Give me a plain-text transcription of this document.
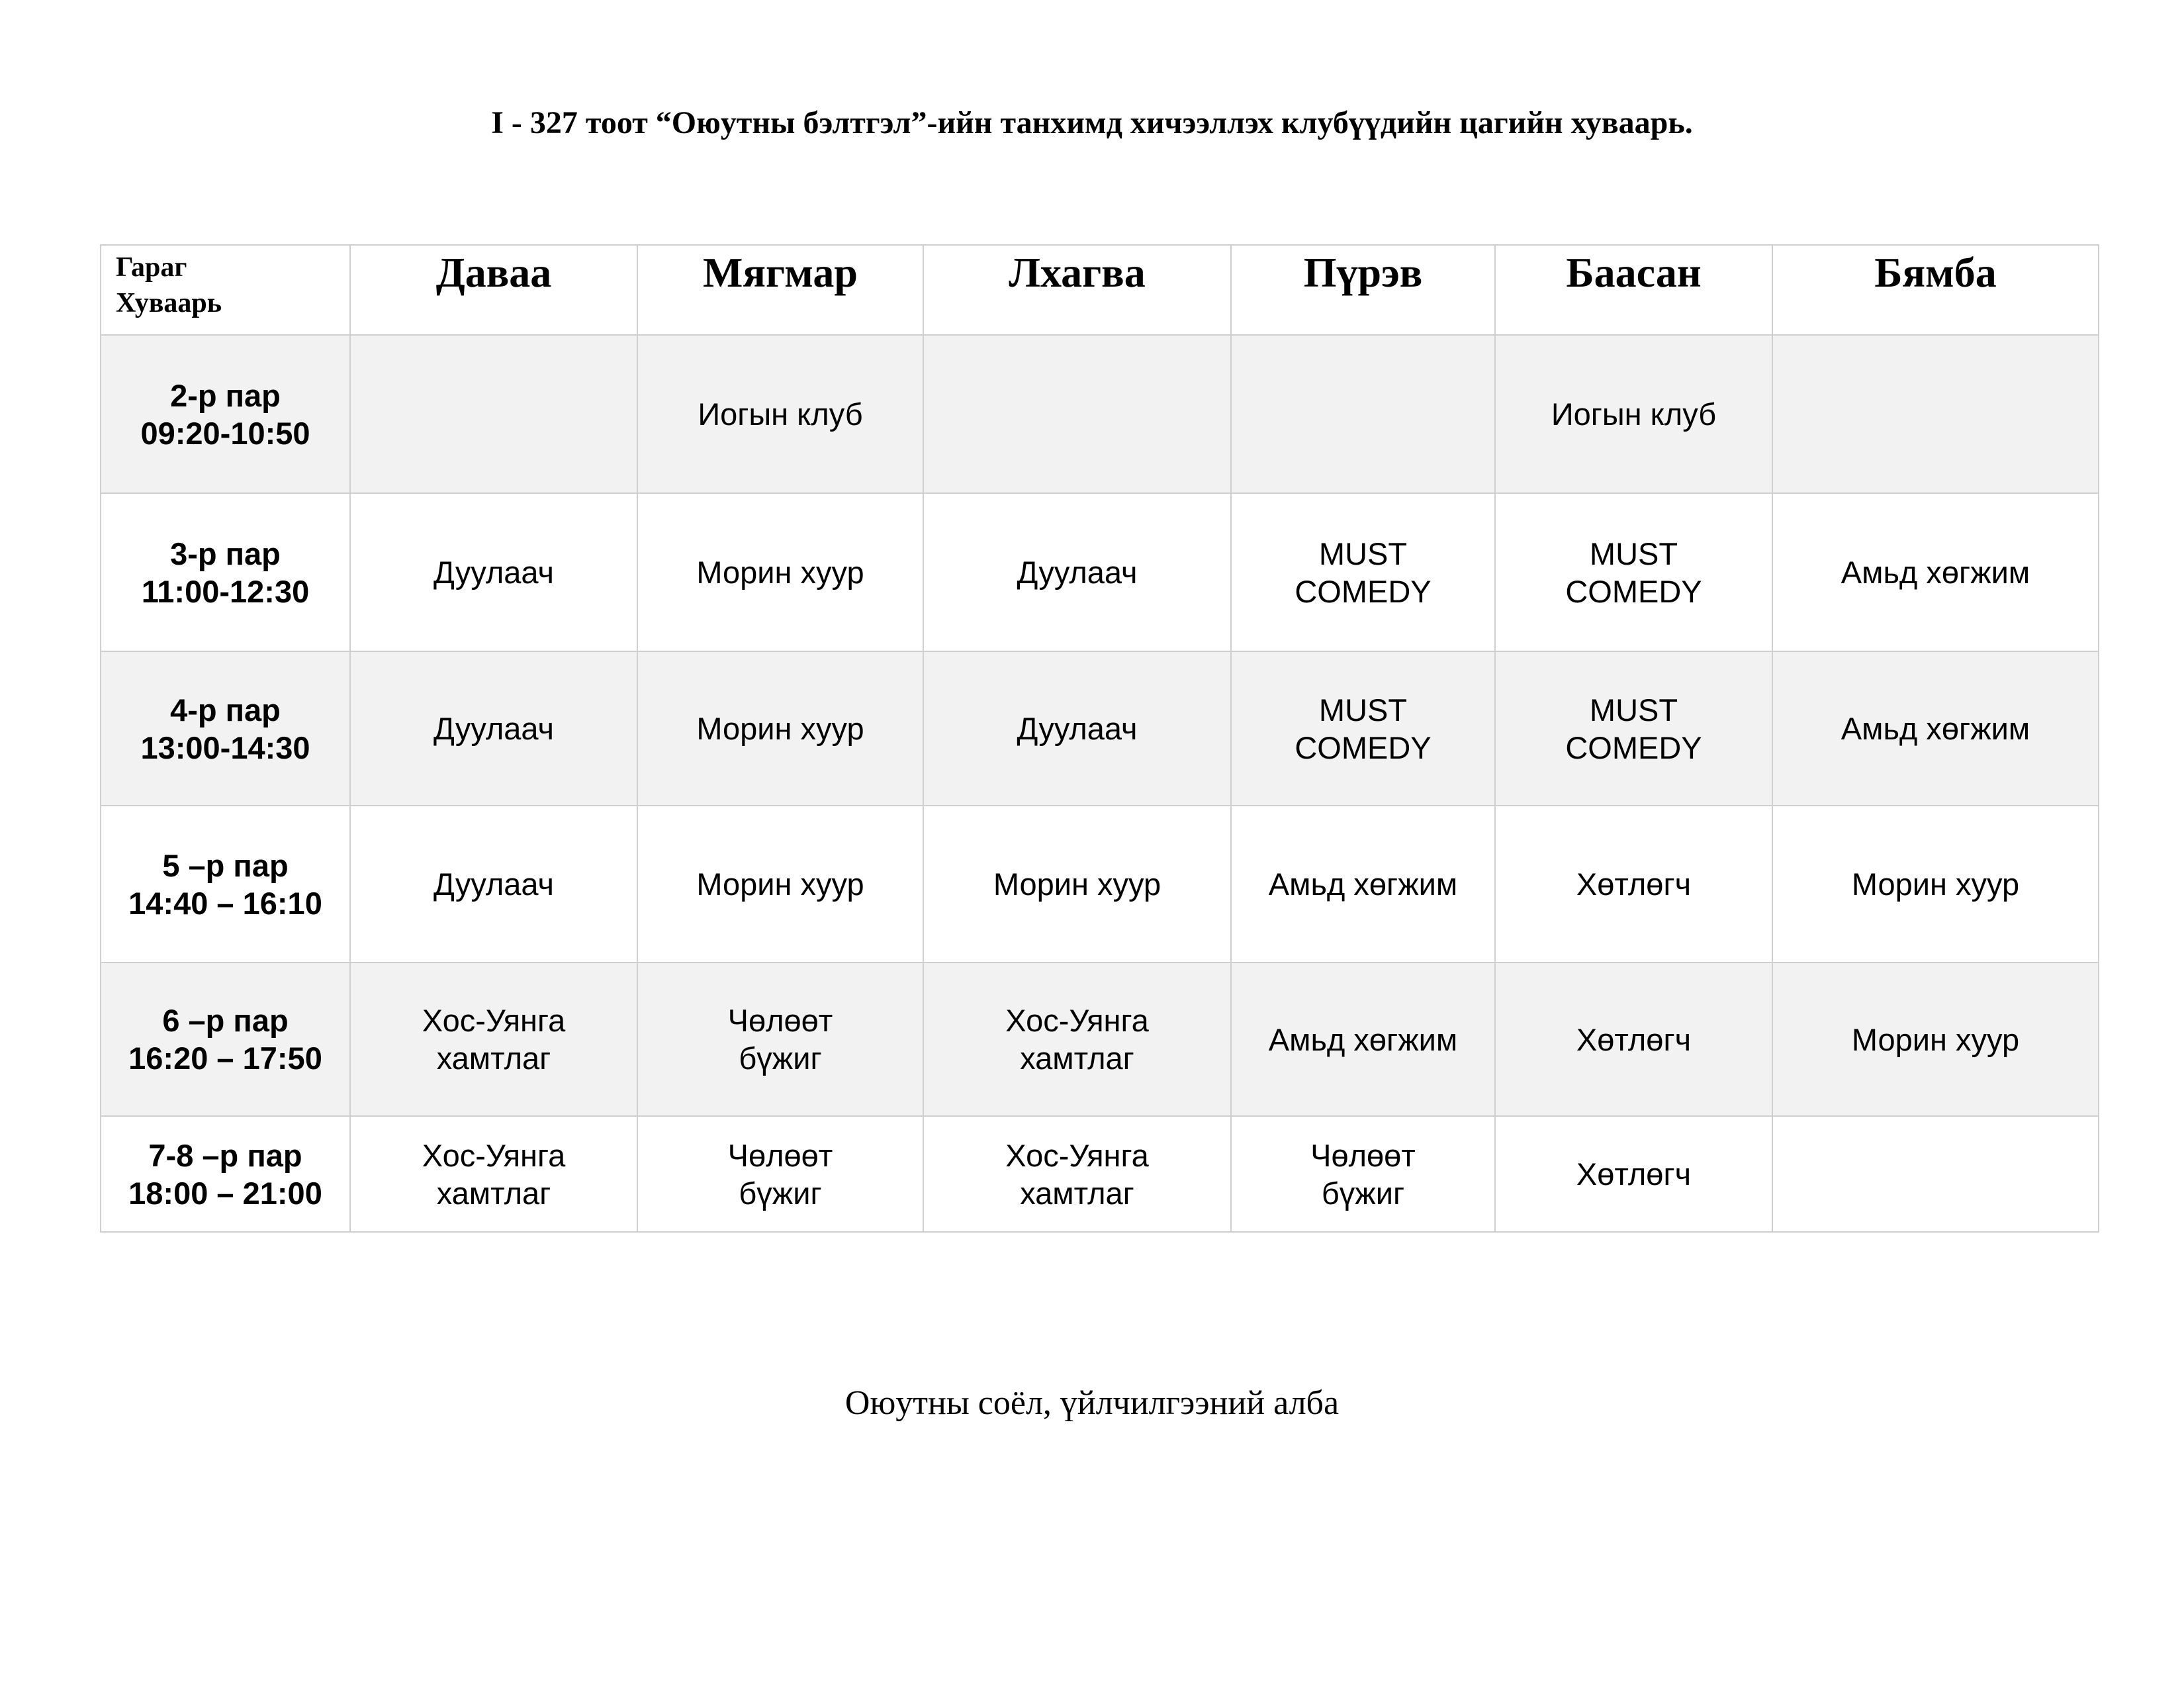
I - 327 тоот “Оюутны бэлтгэл”-ийн танхимд хичээллэх клубүүдийн цагийн хуваарь.
Гараг
Хуваарь	Даваа	Мягмар	Лхагва	Пүрэв	Баасан	Бямба

2-р пар
09:20-10:50		Иогын клуб			Иогын клуб	

3-р пар
11:00-12:30	Дуулаач	Морин хуур	Дуулаач	MUST
COMEDY	MUST
COMEDY	Амьд хөгжим

4-р пар
13:00-14:30	Дуулаач	Морин хуур	Дуулаач	MUST
COMEDY	MUST
COMEDY	Амьд хөгжим

5 –р пар
14:40 – 16:10	Дуулаач	Морин хуур	Морин хуур	Амьд хөгжим	Хөтлөгч	Морин хуур

6 –р пар
16:20 – 17:50	Хос-Уянга
хамтлаг	Чөлөөт
бүжиг	Хос-Уянга
хамтлаг	Амьд хөгжим	Хөтлөгч	Морин хуур

7-8 –р пар
18:00 – 21:00	Хос-Уянга
хамтлаг	Чөлөөт
бүжиг	Хос-Уянга
хамтлаг	Чөлөөт
бүжиг	Хөтлөгч	

Оюутны соёл, үйлчилгээний алба
